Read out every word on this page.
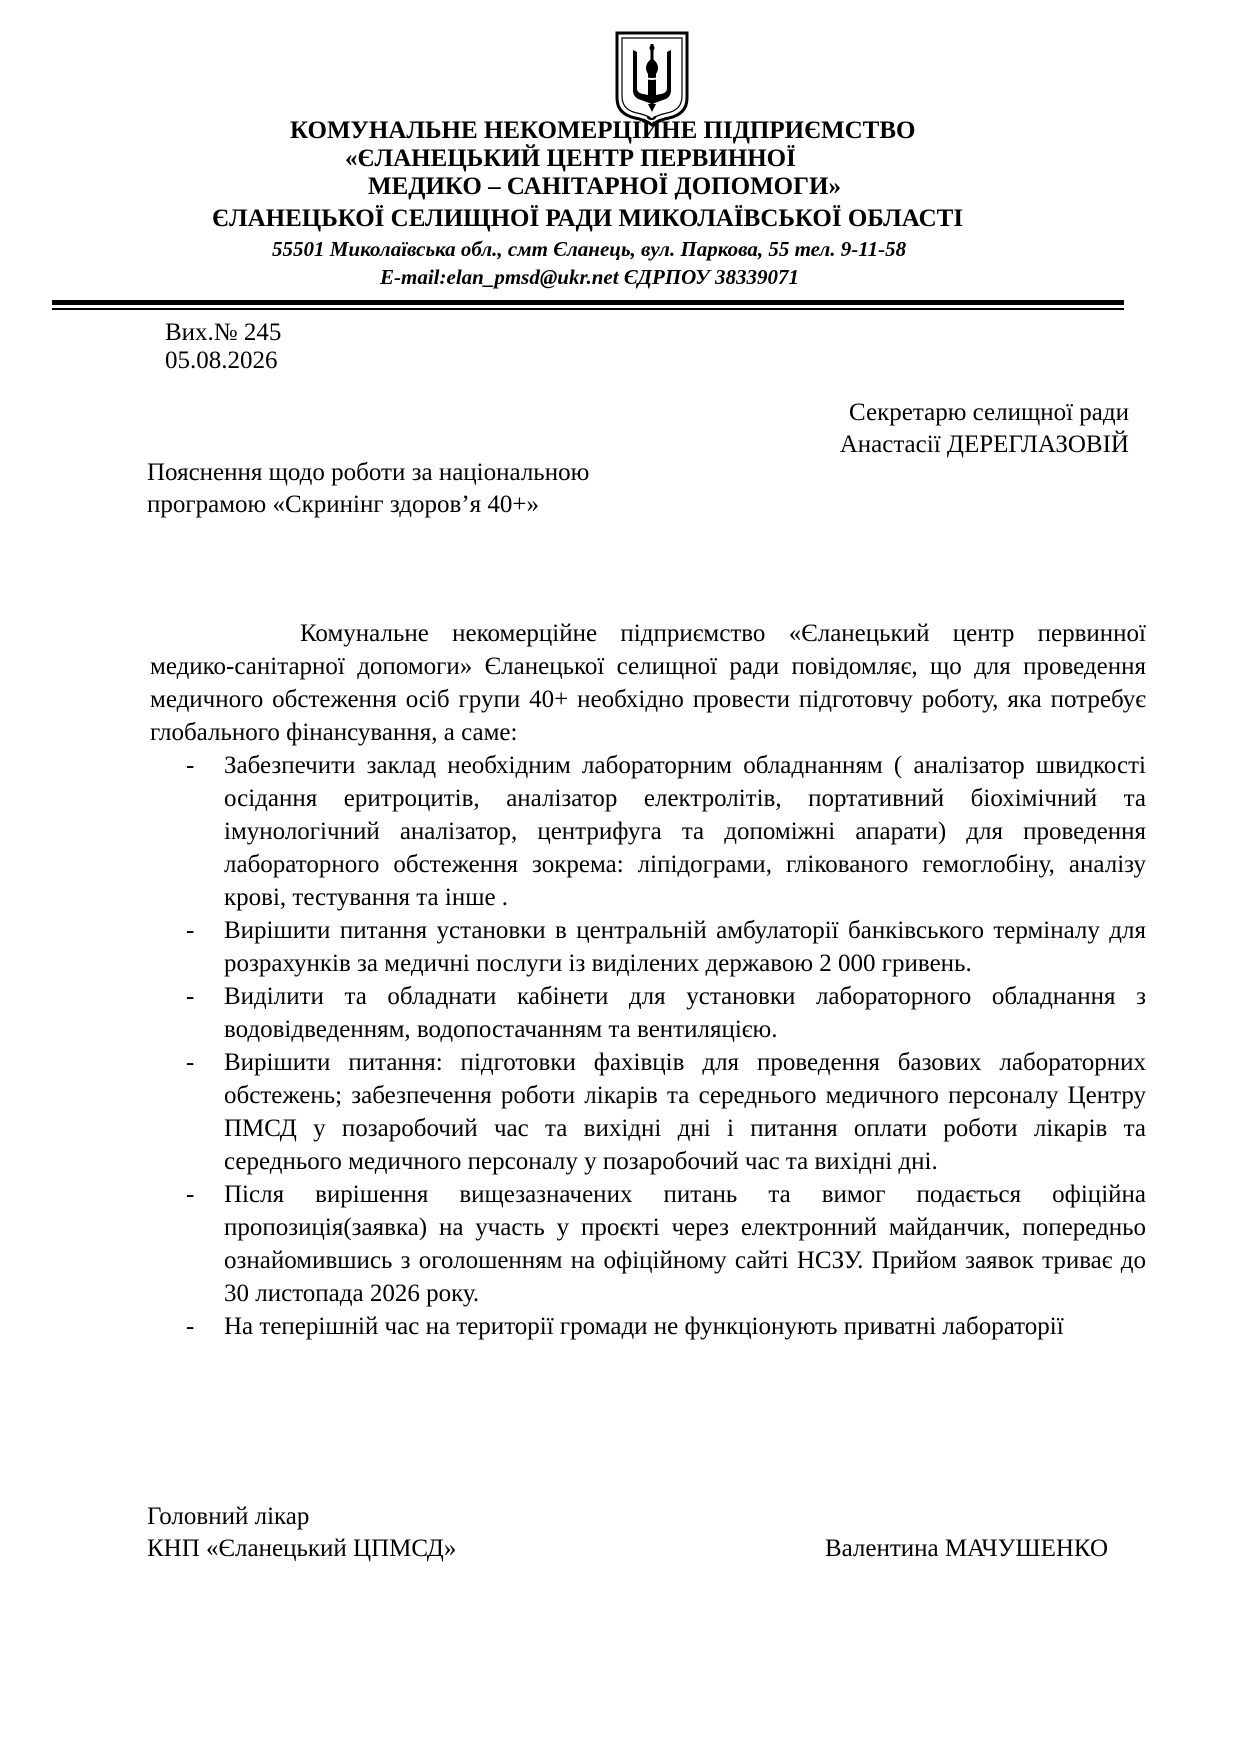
КОМУНАЛЬНЕ НЕКОМЕРЦІЙНЕ ПІДПРИЄМСТВО
«ЄЛАНЕЦЬКИЙ ЦЕНТР ПЕРВИННОЇ
МЕДИКО – САНІТАРНОЇ ДОПОМОГИ»
ЄЛАНЕЦЬКОЇ СЕЛИЩНОЇ РАДИ МИКОЛАЇВСЬКОЇ ОБЛАСТІ
55501 Миколаївська обл., смт Єланець, вул. Паркова, 55 тел. 9-11-58
E-mail:elan_pmsd@ukr.net ЄДРПОУ 38339071
Вих.№ 245
05.08.2026
Секретарю селищної ради
Анастасії ДЕРЕГЛАЗОВІЙ
Пояснення щодо роботи за національною
програмою «Скринінг здоров’я 40+»

Комунальне некомерційне підприємство «Єланецький центр первинної медико-санітарної допомоги» Єланецької селищної ради повідомляє, що для проведення медичного обстеження осіб групи 40+ необхідно провести підготовчу роботу, яка потребує глобального фінансування, а саме:

- Забезпечити заклад необхідним лабораторним обладнанням ( аналізатор швидкості осідання еритроцитів, аналізатор електролітів, портативний біохімічний та імунологічний аналізатор, центрифуга та допоміжні апарати) для проведення лабораторного обстеження зокрема: ліпідограми, глікованого гемоглобіну, аналізу крові, тестування та інше .
- Вирішити питання установки в центральній амбулаторії банківського терміналу для розрахунків за медичні послуги із виділених державою 2 000 гривень.
- Виділити та обладнати кабінети для установки лабораторного обладнання з водовідведенням, водопостачанням та вентиляцією.
- Вирішити питання: підготовки фахівців для проведення базових лабораторних обстежень; забезпечення роботи лікарів та середнього медичного персоналу Центру ПМСД у позаробочий час та вихідні дні і питання оплати роботи лікарів та середнього медичного персоналу у позаробочий час та вихідні дні.
- Після вирішення вищезазначених питань та вимог подається офіційна пропозиція(заявка) на участь у проєкті через електронний майданчик, попередньо ознайомившись з оголошенням на офіційному сайті НСЗУ. Прийом заявок триває до 30 листопада 2026 року.
- На теперішній час на території громади не функціонують приватні лабораторії
Головний лікар
КНП «Єланецький ЦПМСД»	Валентина МАЧУШЕНКО
